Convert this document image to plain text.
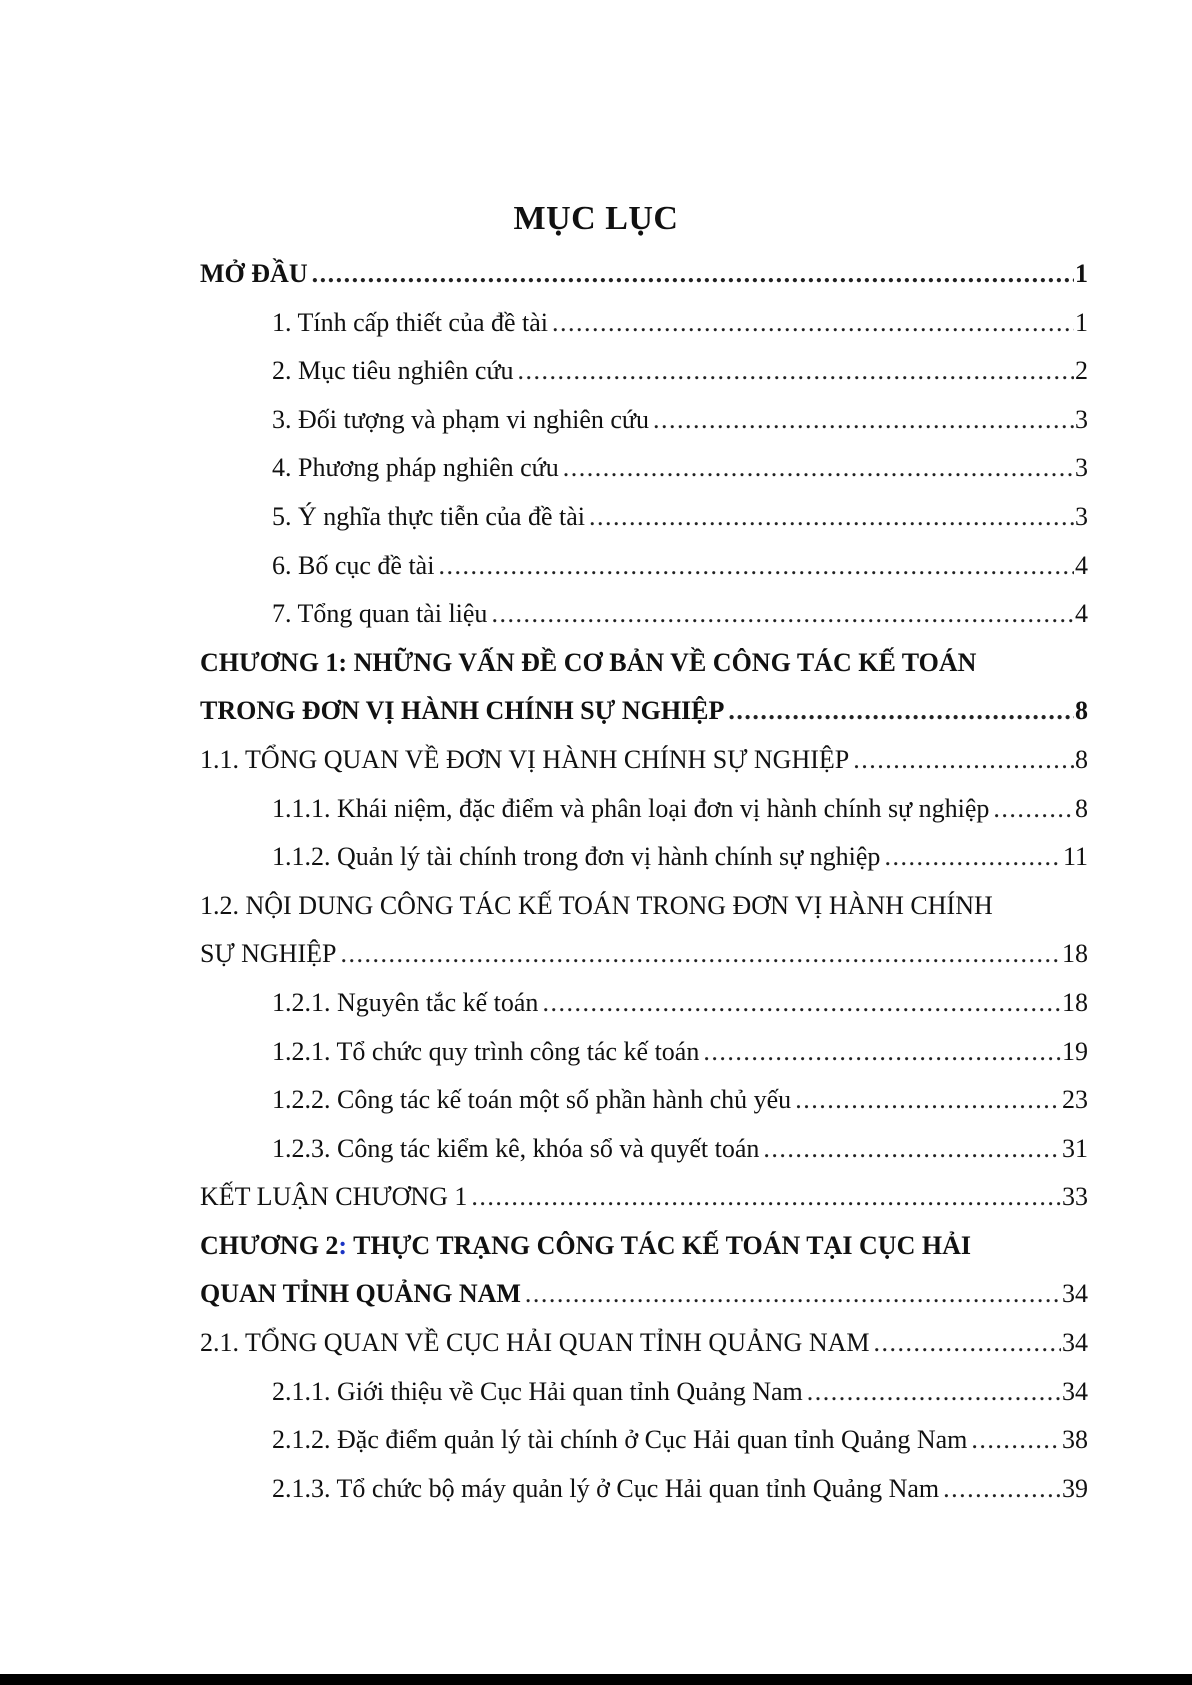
MỤC LỤC
MỞ ĐẦU .....	1
1. Tính cấp thiết của đề tài .....	1
2. Mục tiêu nghiên cứu .....	2
3. Đối tượng và phạm vi nghiên cứu .....	3
4. Phương pháp nghiên cứu .....	3
5. Ý nghĩa thực tiễn của đề tài .....	3
6. Bố cục đề tài .....	4
7. Tổng quan tài liệu .....	4
CHƯƠNG 1: NHỮNG VẤN ĐỀ CƠ BẢN VỀ CÔNG TÁC KẾ TOÁN
TRONG ĐƠN VỊ HÀNH CHÍNH SỰ NGHIỆP .....	8
1.1. TỔNG QUAN VỀ ĐƠN VỊ HÀNH CHÍNH SỰ NGHIỆP .....	8
1.1.1. Khái niệm, đặc điểm và phân loại đơn vị hành chính sự nghiệp .....	8
1.1.2. Quản lý tài chính trong đơn vị hành chính sự nghiệp .....	11
1.2. NỘI DUNG CÔNG TÁC KẾ TOÁN TRONG ĐƠN VỊ HÀNH CHÍNH
SỰ NGHIỆP .....	18
1.2.1. Nguyên tắc kế toán .....	18
1.2.1. Tổ chức quy trình công tác kế toán .....	19
1.2.2. Công tác kế toán một số phần hành chủ yếu .....	23
1.2.3. Công tác kiểm kê, khóa sổ và quyết toán .....	31
KẾT LUẬN CHƯƠNG 1 .....	33
CHƯƠNG 2: THỰC TRẠNG CÔNG TÁC KẾ TOÁN TẠI CỤC HẢI
QUAN TỈNH QUẢNG NAM .....	34
2.1. TỔNG QUAN VỀ CỤC HẢI QUAN TỈNH QUẢNG NAM .....	34
2.1.1. Giới thiệu về Cục Hải quan tỉnh Quảng Nam .....	34
2.1.2. Đặc điểm quản lý tài chính ở Cục Hải quan tỉnh Quảng Nam .....	38
2.1.3. Tổ chức bộ máy quản lý ở Cục Hải quan tỉnh Quảng Nam .....	39
